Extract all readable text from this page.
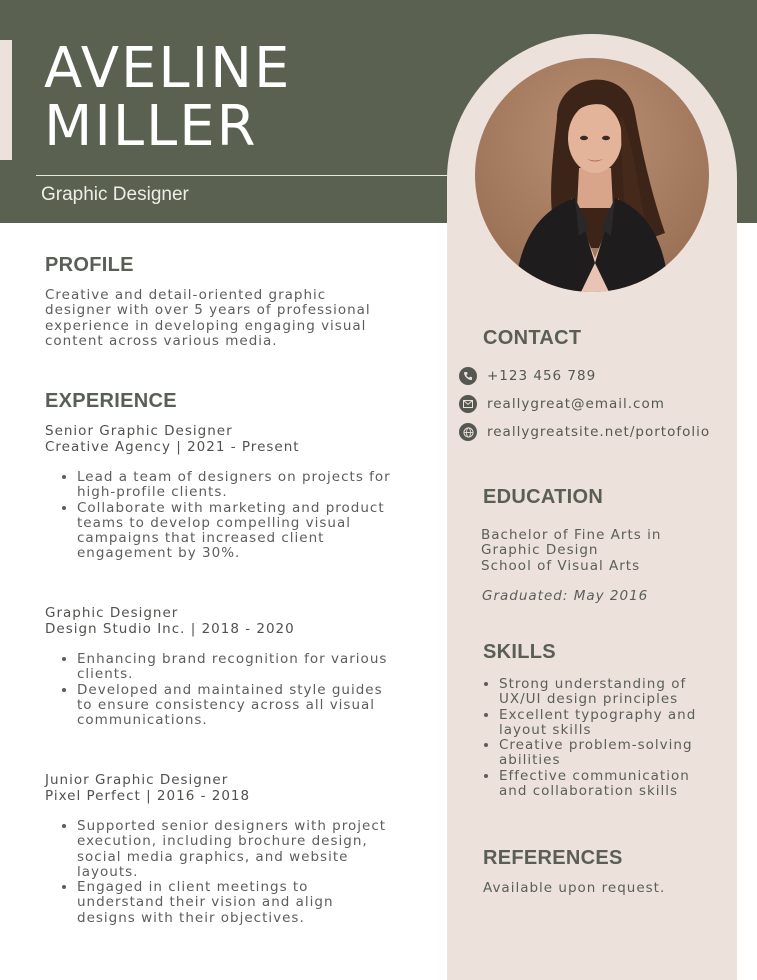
AVELINE
MILLER
Graphic Designer
PROFILE
Creative and detail-oriented graphic
designer with over 5 years of professional
experience in developing engaging visual
content across various media.
EXPERIENCE
Senior Graphic Designer
Creative Agency | 2021 - Present
• Lead a team of designers on projects for
high-profile clients.
• Collaborate with marketing and product
teams to develop compelling visual
campaigns that increased client
engagement by 30%.
Graphic Designer
Design Studio Inc. | 2018 - 2020
• Enhancing brand recognition for various
clients.
• Developed and maintained style guides
to ensure consistency across all visual
communications.
Junior Graphic Designer
Pixel Perfect | 2016 - 2018
• Supported senior designers with project
execution, including brochure design,
social media graphics, and website
layouts.
• Engaged in client meetings to
understand their vision and align
designs with their objectives.
CONTACT
+123 456 789
reallygreat@email.com
reallygreatsite.net/portofolio
EDUCATION
Bachelor of Fine Arts in
Graphic Design
School of Visual Arts
Graduated: May 2016
SKILLS
• Strong understanding of
UX/UI design principles
• Excellent typography and
layout skills
• Creative problem-solving
abilities
• Effective communication
and collaboration skills
REFERENCES
Available upon request.
